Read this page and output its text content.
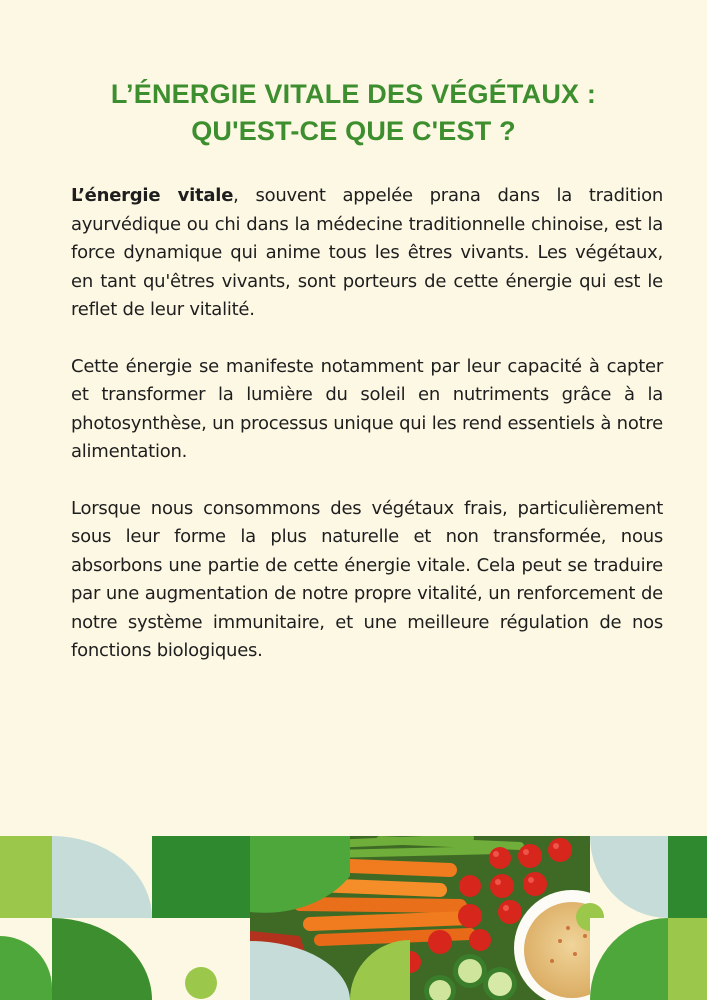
L’ÉNERGIE VITALE DES VÉGÉTAUX :
QU'EST-CE QUE C'EST ?

L’énergie vitale, souvent appelée prana dans la tradition ayurvédique ou chi dans la médecine traditionnelle chinoise, est la force dynamique qui anime tous les êtres vivants. Les végétaux, en tant qu'êtres vivants, sont porteurs de cette énergie qui est le reflet de leur vitalité.

Cette énergie se manifeste notamment par leur capacité à capter et transformer la lumière du soleil en nutriments grâce à la photosynthèse, un processus unique qui les rend essentiels à notre alimentation.

Lorsque nous consommons des végétaux frais, particulièrement sous leur forme la plus naturelle et non transformée, nous absorbons une partie de cette énergie vitale. Cela peut se traduire par une augmentation de notre propre vitalité, un renforcement de notre système immunitaire, et une meilleure régulation de nos fonctions biologiques.
